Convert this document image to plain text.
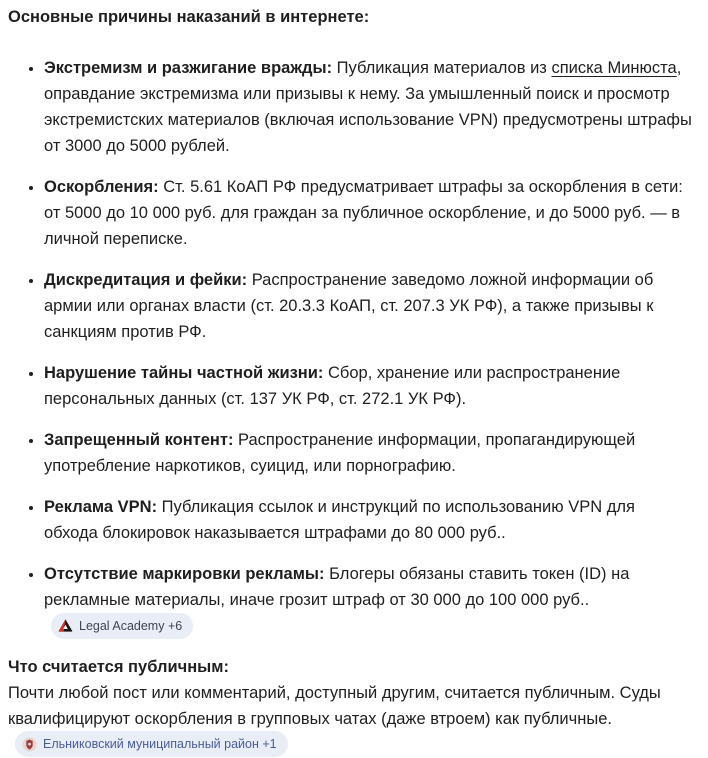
Основные причины наказаний в интернете:
• Экстремизм и разжигание вражды: Публикация материалов из списка Минюста, оправдание экстремизма или призывы к нему. За умышленный поиск и просмотр экстремистских материалов (включая использование VPN) предусмотрены штрафы от 3000 до 5000 рублей.
• Оскорбления: Ст. 5.61 КоАП РФ предусматривает штрафы за оскорбления в сети: от 5000 до 10 000 руб. для граждан за публичное оскорбление, и до 5000 руб. — в личной переписке.
• Дискредитация и фейки: Распространение заведомо ложной информации об армии или органах власти (ст. 20.3.3 КоАП, ст. 207.3 УК РФ), а также призывы к санкциям против РФ.
• Нарушение тайны частной жизни: Сбор, хранение или распространение персональных данных (ст. 137 УК РФ, ст. 272.1 УК РФ).
• Запрещенный контент: Распространение информации, пропагандирующей употребление наркотиков, суицид, или порнографию.
• Реклама VPN: Публикация ссылок и инструкций по использованию VPN для обхода блокировок наказывается штрафами до 80 000 руб..
• Отсутствие маркировки рекламы: Блогеры обязаны ставить токен (ID) на рекламные материалы, иначе грозит штраф от 30 000 до 100 000 руб..
Legal Academy +6
Что считается публичным:

Почти любой пост или комментарий, доступный другим, считается публичным. Суды квалифицируют оскорбления в групповых чатах (даже втроем) как публичные.
Ельниковский муниципальный район +1
